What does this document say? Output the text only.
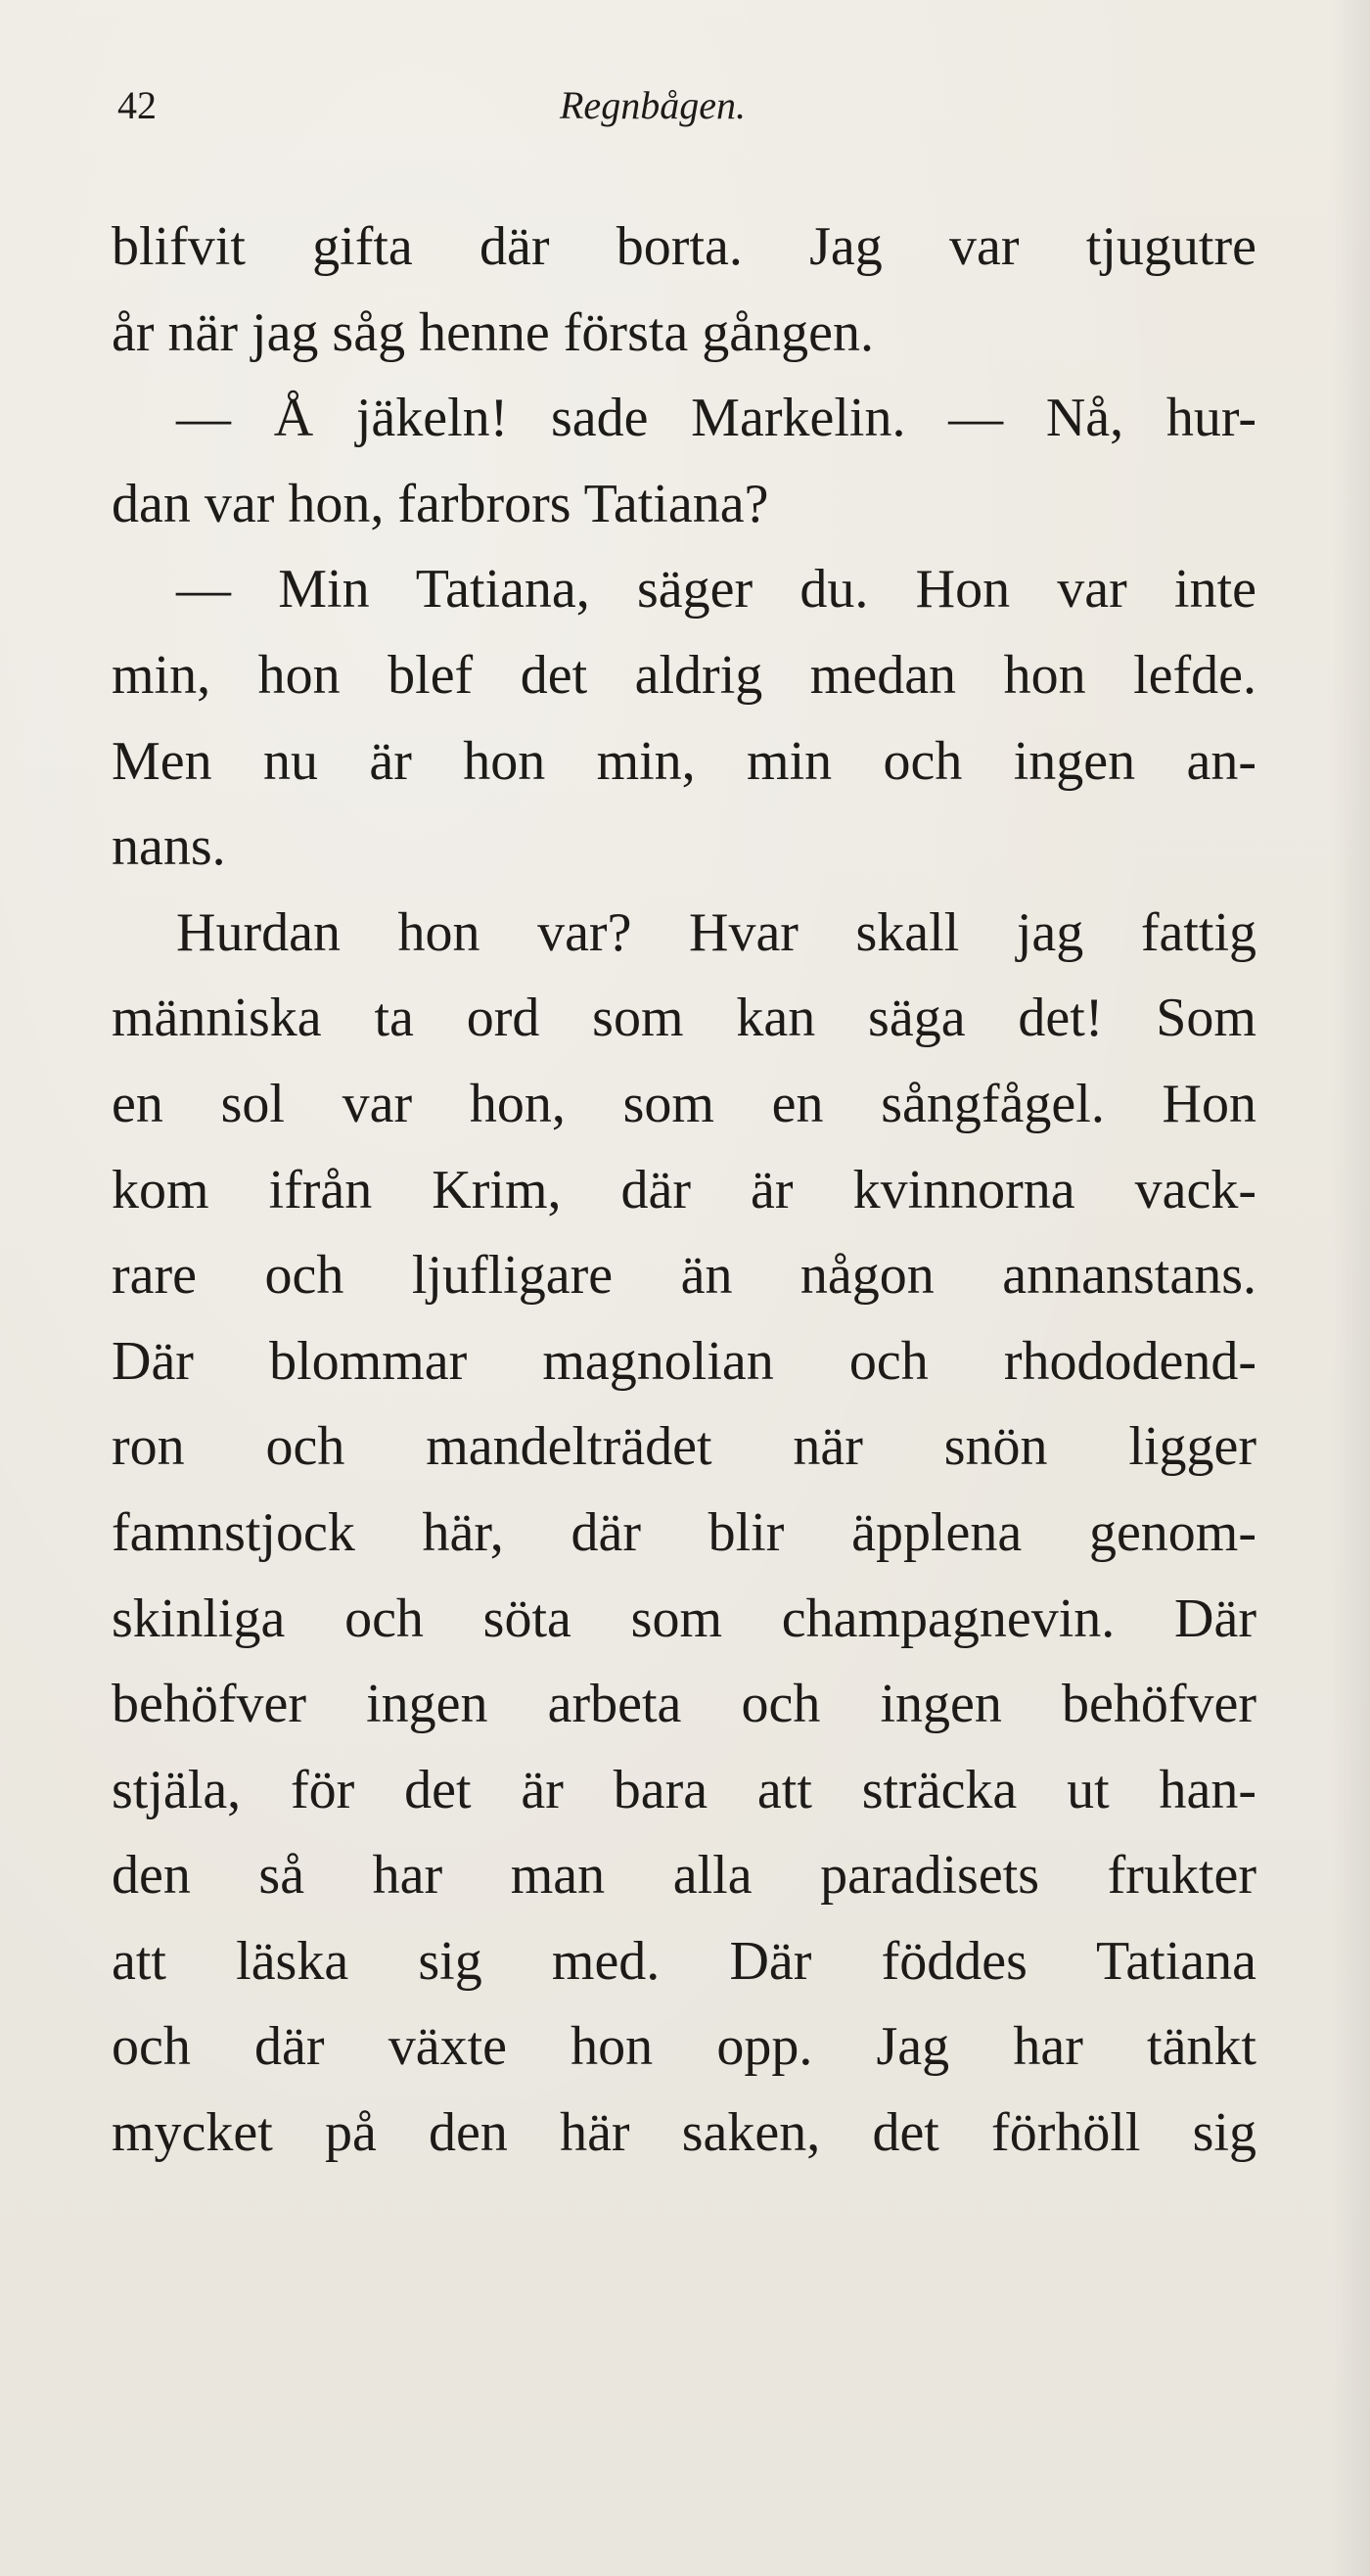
42	Regnbågen.
blifvit gifta där borta. Jag var tjugutre
år när jag såg henne första gången.
— Å jäkeln! sade Markelin. — Nå, hur-
dan var hon, farbrors Tatiana?
— Min Tatiana, säger du. Hon var inte
min, hon blef det aldrig medan hon lefde.
Men nu är hon min, min och ingen an-
nans.
Hurdan hon var? Hvar skall jag fattig
människa ta ord som kan säga det! Som
en sol var hon, som en sångfågel. Hon
kom ifrån Krim, där är kvinnorna vack-
rare och ljufligare än någon annanstans.
Där blommar magnolian och rhododend-
ron och mandelträdet när snön ligger
famnstjock här, där blir äpplena genom-
skinliga och söta som champagnevin. Där
behöfver ingen arbeta och ingen behöfver
stjäla, för det är bara att sträcka ut han-
den så har man alla paradisets frukter
att läska sig med. Där föddes Tatiana
och där växte hon opp. Jag har tänkt
mycket på den här saken, det förhöll sig
